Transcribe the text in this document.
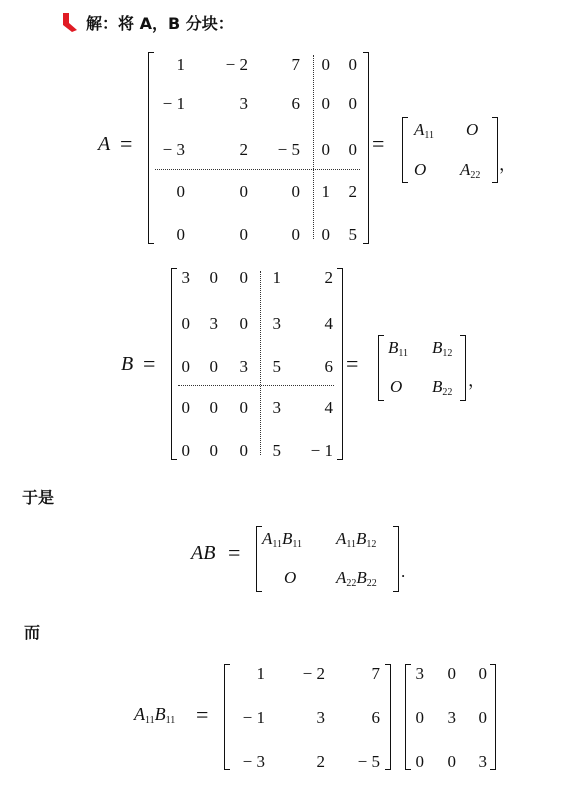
解：将 A，B 分块：
A =
1 − 2	7 0 0
− 1	3	6 0 0
− 3	2 − 5 0 0
0	0	0 1 2
0	0	0 0 5
=
A11 O
O A22
，
B =
3 0 0 1	2
0 3 0 3	4
0 0 3 5	6
0 0 0 3	4
0 0 0 5 − 1
=
B11 B12
O B22
，
于是
AB =
A11B11 A11B12
O A22B22
.
而
A11B11 =
1 − 2	7
− 1	3	6
− 3	2 − 5
3 0 0
0 3 0
0 0 3
